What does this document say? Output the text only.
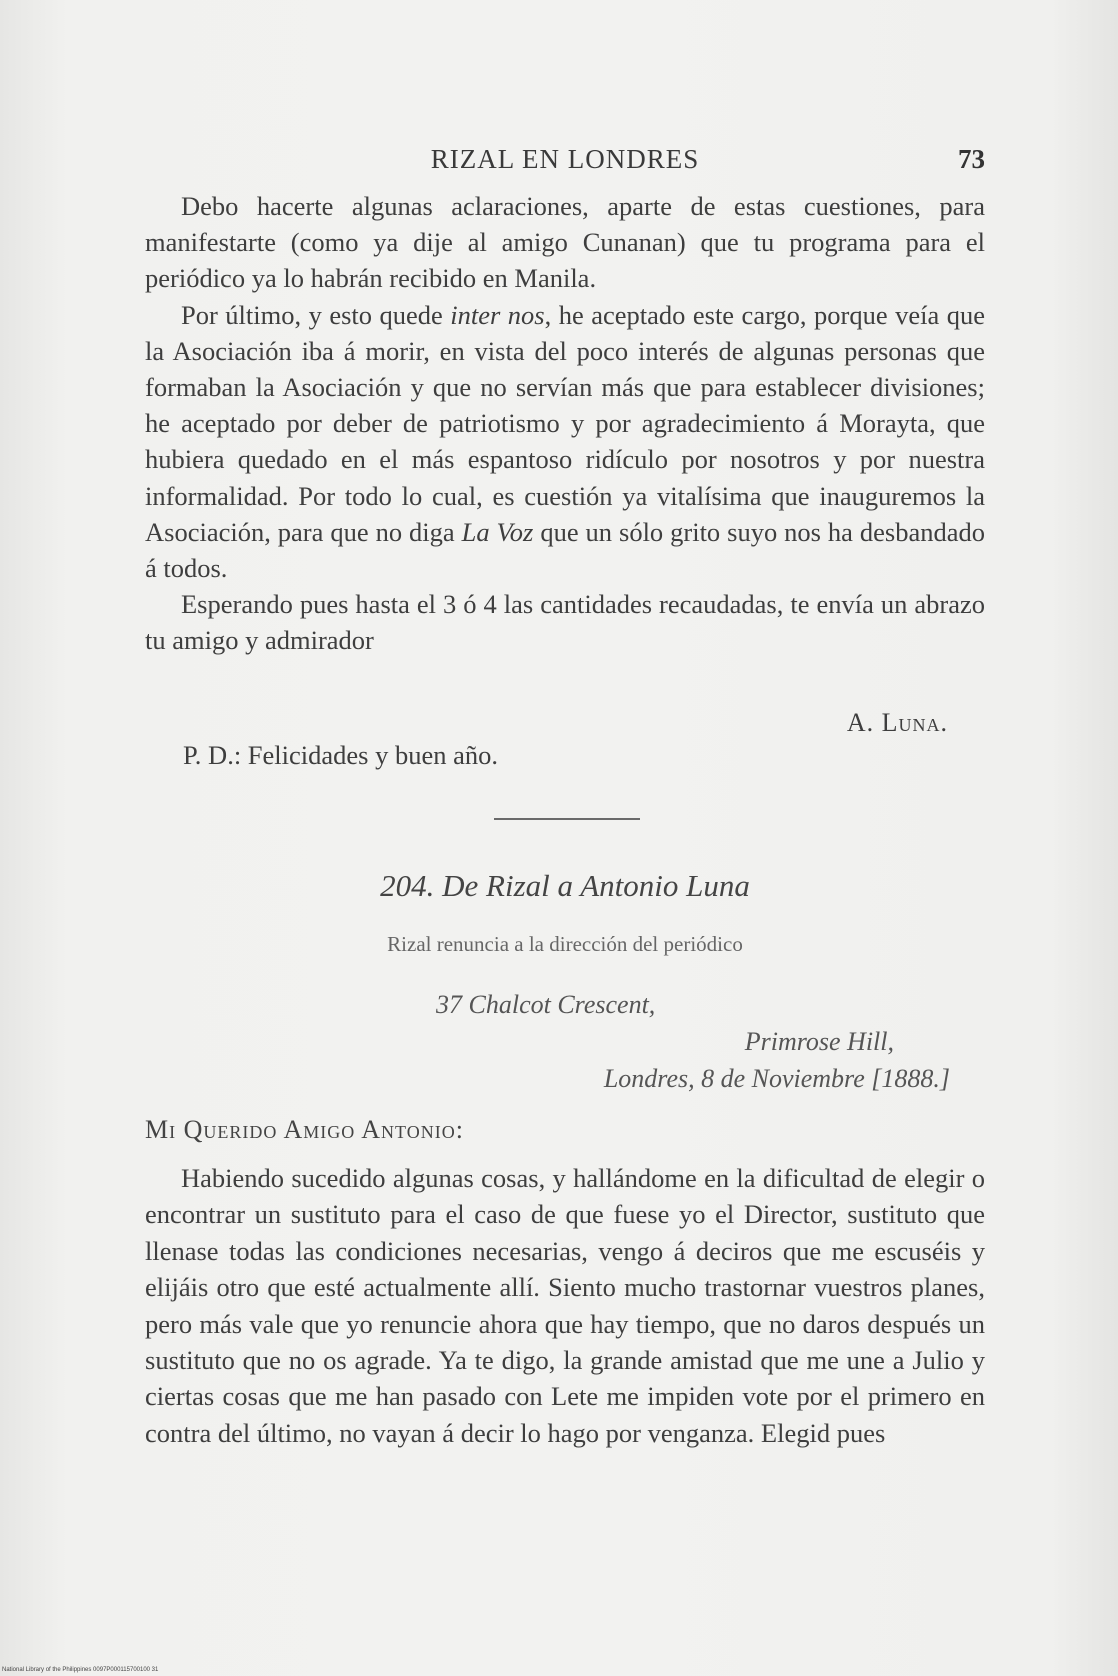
RIZAL EN LONDRES	73

Debo hacerte algunas aclaraciones, aparte de estas cuestiones, para manifestarte (como ya dije al amigo Cunanan) que tu programa para el periódico ya lo habrán recibido en Manila.

Por último, y esto quede inter nos, he aceptado este cargo, porque veía que la Asociación iba á morir, en vista del poco interés de algunas personas que formaban la Asociación y que no servían más que para establecer divisiones; he aceptado por deber de patriotismo y por agradecimiento á Morayta, que hubiera quedado en el más espantoso ridículo por nosotros y por nuestra informalidad. Por todo lo cual, es cuestión ya vitalísima que inauguremos la Asociación, para que no diga La Voz que un sólo grito suyo nos ha desbandado á todos.

Esperando pues hasta el 3 ó 4 las cantidades recaudadas, te envía un abrazo tu amigo y admirador

A. Luna.
P. D.: Felicidades y buen año.
204. De Rizal a Antonio Luna
Rizal renuncia a la dirección del periódico
37 Chalcot Crescent,
Primrose Hill,
Londres, 8 de Noviembre [1888.]
Mi Querido Amigo Antonio:

Habiendo sucedido algunas cosas, y hallándome en la dificultad de elegir o encontrar un sustituto para el caso de que fuese yo el Director, sustituto que llenase todas las condiciones necesarias, vengo á deciros que me escuséis y elijáis otro que esté actualmente allí. Siento mucho trastornar vuestros planes, pero más vale que yo renuncie ahora que hay tiempo, que no daros después un sustituto que no os agrade. Ya te digo, la grande amistad que me une a Julio y ciertas cosas que me han pasado con Lete me impiden vote por el primero en contra del último, no vayan á decir lo hago por venganza. Elegid pues

National Library of the Philippines 0097P000115700100 31
